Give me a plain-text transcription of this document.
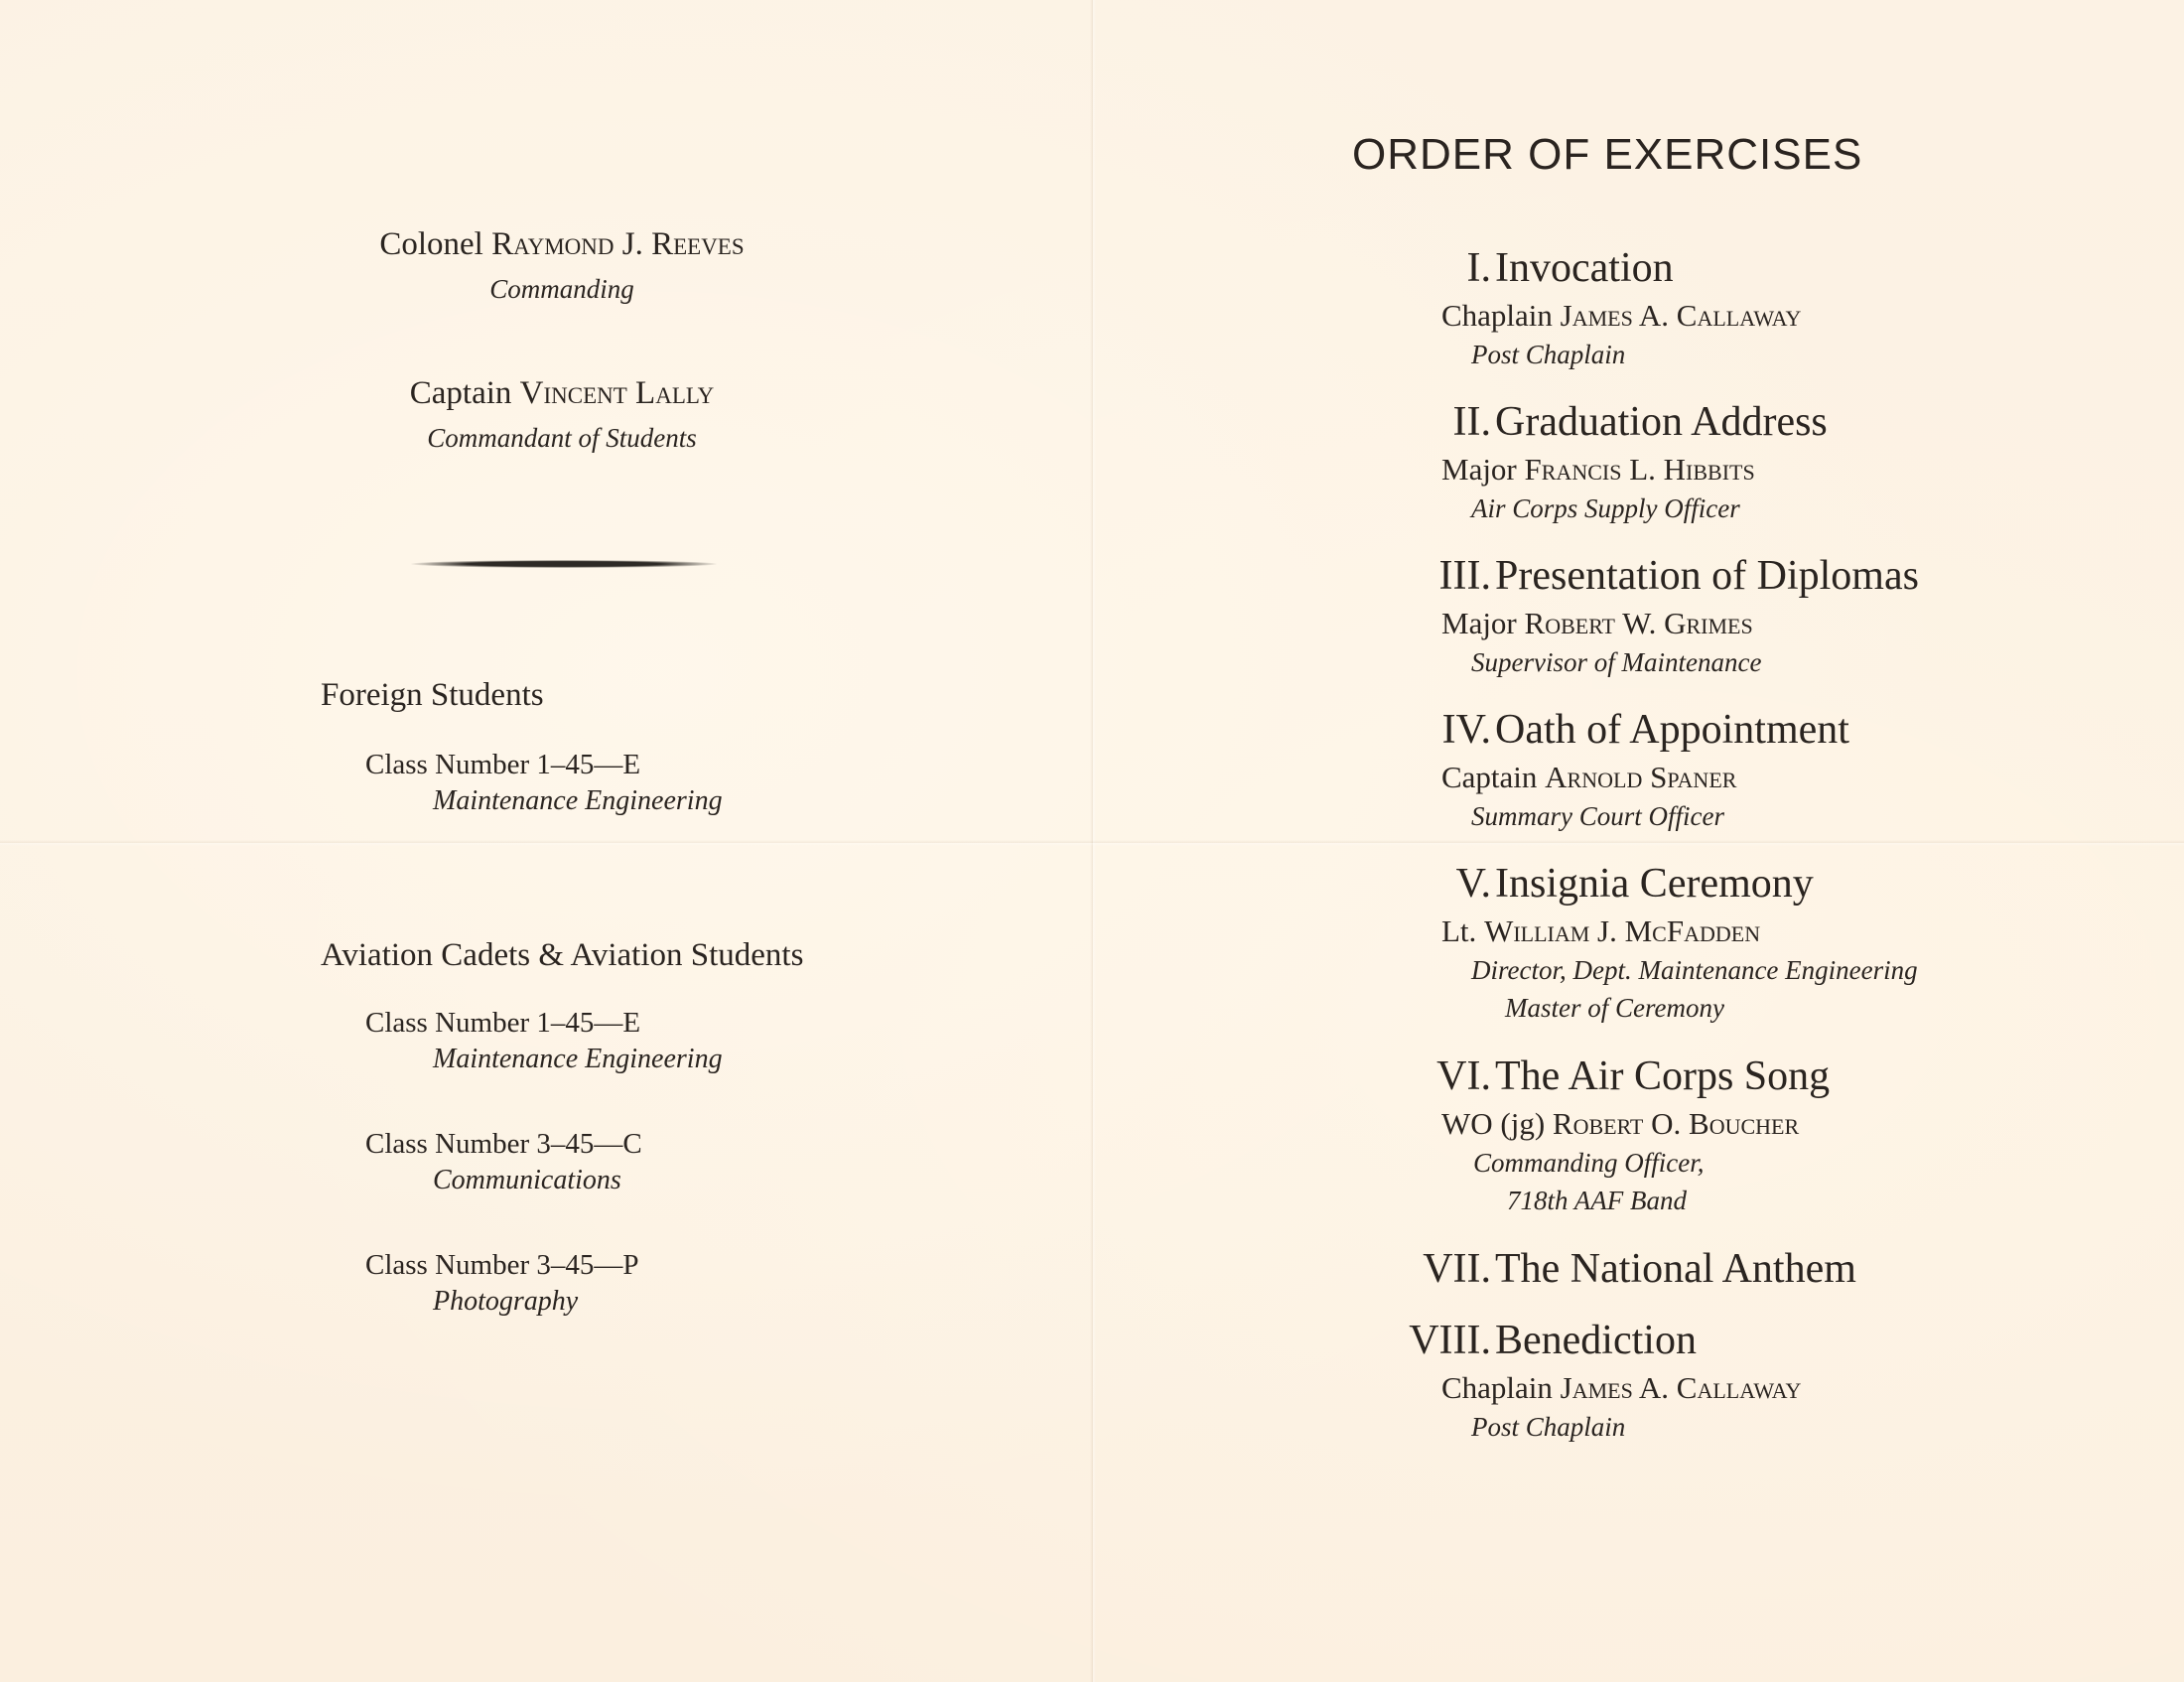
Colonel Raymond J. Reeves
Commanding
Captain Vincent Lally
Commandant of Students
Foreign Students
Class Number 1–45—E
Maintenance Engineering
Aviation Cadets & Aviation Students
Class Number 1–45—E
Maintenance Engineering
Class Number 3–45—C
Communications
Class Number 3–45—P
Photography
ORDER OF EXERCISES
I. Invocation
Chaplain James A. Callaway
Post Chaplain
II. Graduation Address
Major Francis L. Hibbits
Air Corps Supply Officer
III. Presentation of Diplomas
Major Robert W. Grimes
Supervisor of Maintenance
IV. Oath of Appointment
Captain Arnold Spaner
Summary Court Officer
V. Insignia Ceremony
Lt. William J. McFadden
Director, Dept. Maintenance Engineering
Master of Ceremony
VI. The Air Corps Song
WO (jg) Robert O. Boucher
Commanding Officer,
718th AAF Band
VII. The National Anthem
VIII. Benediction
Chaplain James A. Callaway
Post Chaplain
